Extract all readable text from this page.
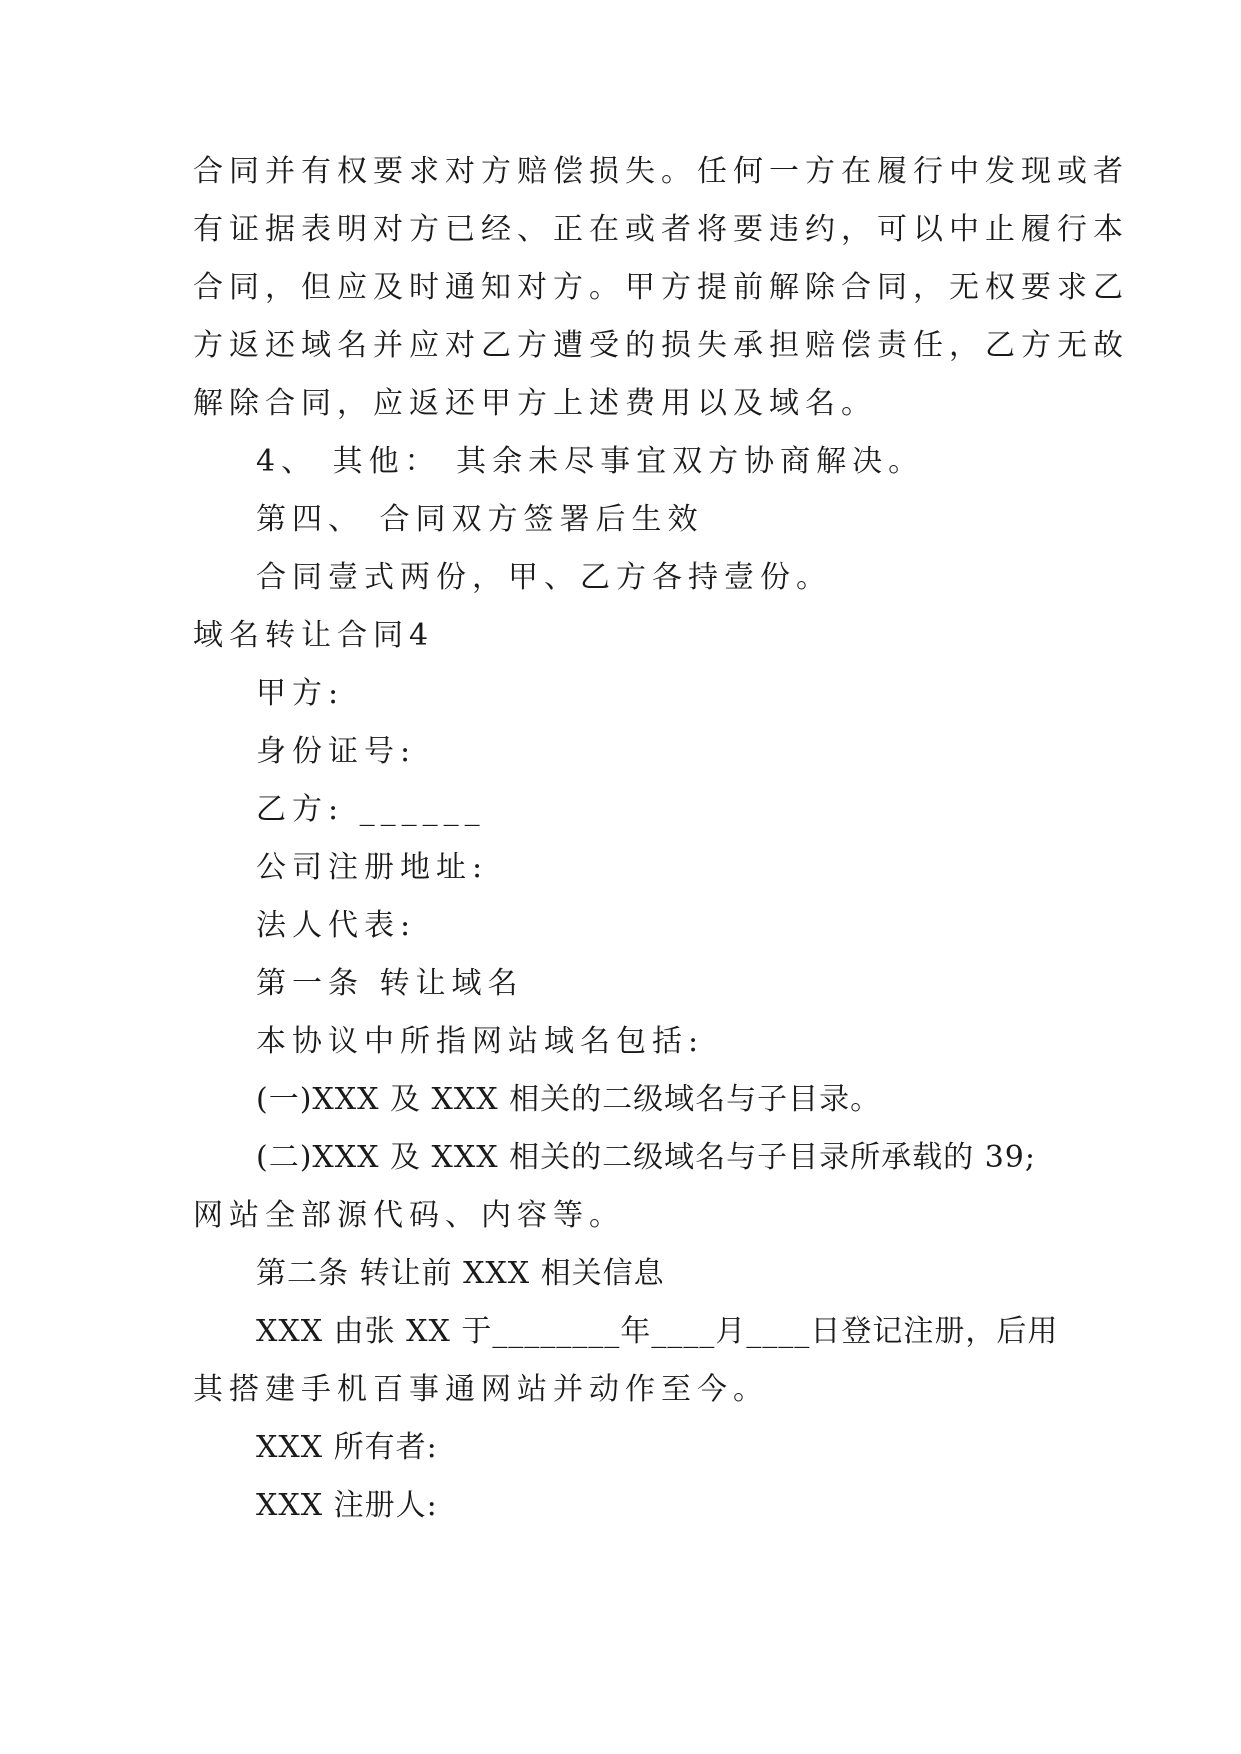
合同并有权要求对方赔偿损失。任何一方在履行中发现或者
有证据表明对方已经、正在或者将要违约，可以中止履行本
合同，但应及时通知对方。甲方提前解除合同，无权要求乙
方返还域名并应对乙方遭受的损失承担赔偿责任，乙方无故
解除合同，应返还甲方上述费用以及域名。
4、 其他： 其余未尽事宜双方协商解决。
第四、 合同双方签署后生效
合同壹式两份，甲、乙方各持壹份。
域名转让合同4
甲方:
身份证号:
乙方: ______
公司注册地址:
法人代表:
第一条 转让域名
本协议中所指网站域名包括:
(一)XXX 及 XXX 相关的二级域名与子目录。
(二)XXX 及 XXX 相关的二级域名与子目录所承载的 39;
网站全部源代码、内容等。
第二条 转让前 XXX 相关信息
XXX 由张 XX 于________年____月____日登记注册，后用
其搭建手机百事通网站并动作至今。
XXX 所有者:
XXX 注册人:
